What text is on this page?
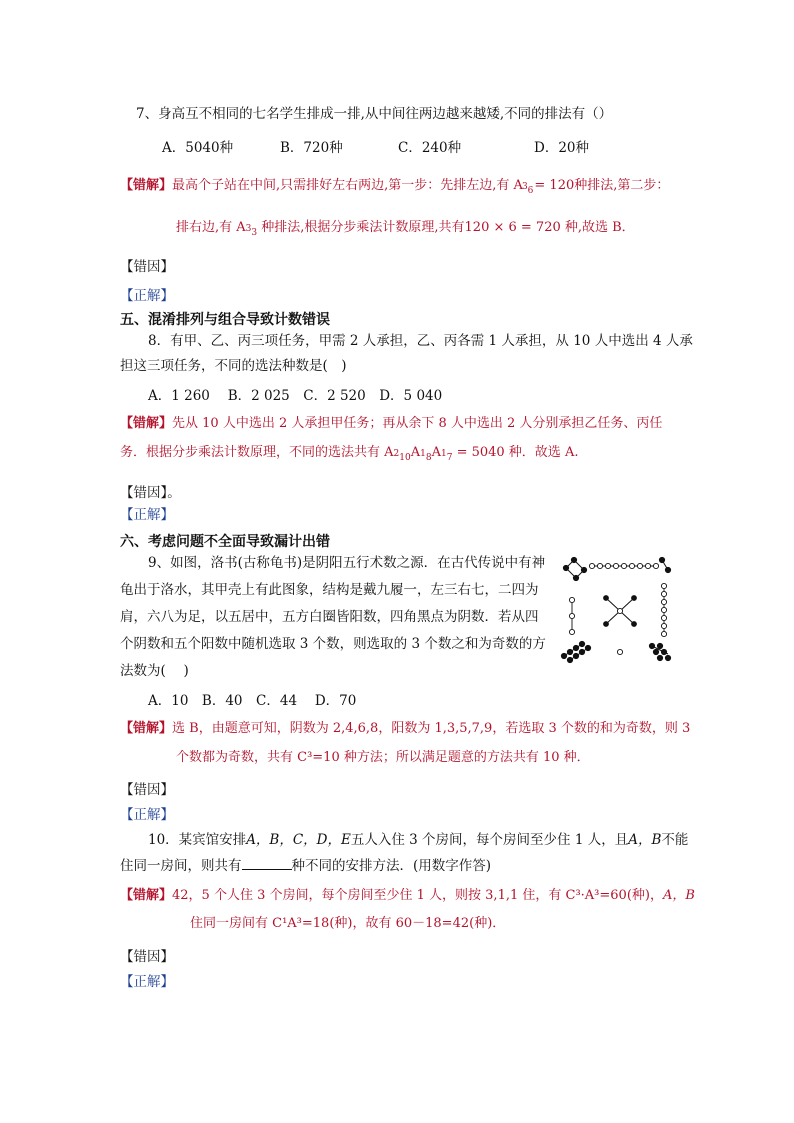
7、身高互不相同的七名学生排成一排,从中间往两边越来越矮,不同的排法有（）
A．5040种	B．720种	C．240种	D．20种
【错解】最高个子站在中间,只需排好左右两边,第一步：先排左边,有 $A_{^36}= 120$种排法,第二步：
排右边,有 $A_{^33}$ 种排法,根据分步乘法计数原理,共有120 × 6 = 720 种,故选 B．
【错因】
【正解】
五、混淆排列与组合导致计数错误
8．有甲、乙、丙三项任务，甲需 2 人承担，乙、丙各需 1 人承担，从 10 人中选出 4 人承
担这三项任务，不同的选法种数是(　)
A．1 260　 B．2 025　C．2 520　D．5 040
【错解】先从 10 人中选出 2 人承担甲任务；再从余下 8 人中选出 2 人分别承担乙任务、丙任
务．根据分步乘法计数原理，不同的选法共有 $A_{^210}A_{^18}A_{^17} = 5040$ 种．故选 A.
【错因】。
【正解】
六、考虑问题不全面导致漏计出错
9、如图，洛书(古称龟书)是阴阳五行术数之源．在古代传说中有神
龟出于洛水，其甲壳上有此图象，结构是戴九履一，左三右七，二四为
肩，六八为足，以五居中，五方白圈皆阳数，四角黑点为阴数．若从四
个阴数和五个阳数中随机选取 3 个数，则选取的 3 个数之和为奇数的方
法数为(　 )
A．10　B．40　C．44　 D．70
【错解】选 B，由题意可知，阴数为 2,4,6,8，阳数为 1,3,5,7,9，若选取 3 个数的和为奇数，则 3
个数都为奇数，共有 C³=10 种方法；所以满足题意的方法共有 10 种．
【错因】
【正解】
10．某宾馆安排A，B，C，D，E五人入住 3 个房间，每个房间至少住 1 人，且A，B不能
住同一房间，则共有	种不同的安排方法．(用数字作答)
【错解】42，5 个人住 3 个房间，每个房间至少住 1 人，则按 3,1,1 住，有 C³·A³=60(种)，A，B
住同一房间有 C¹A³=18(种)，故有 60－18=42(种)．
【错因】
【正解】
